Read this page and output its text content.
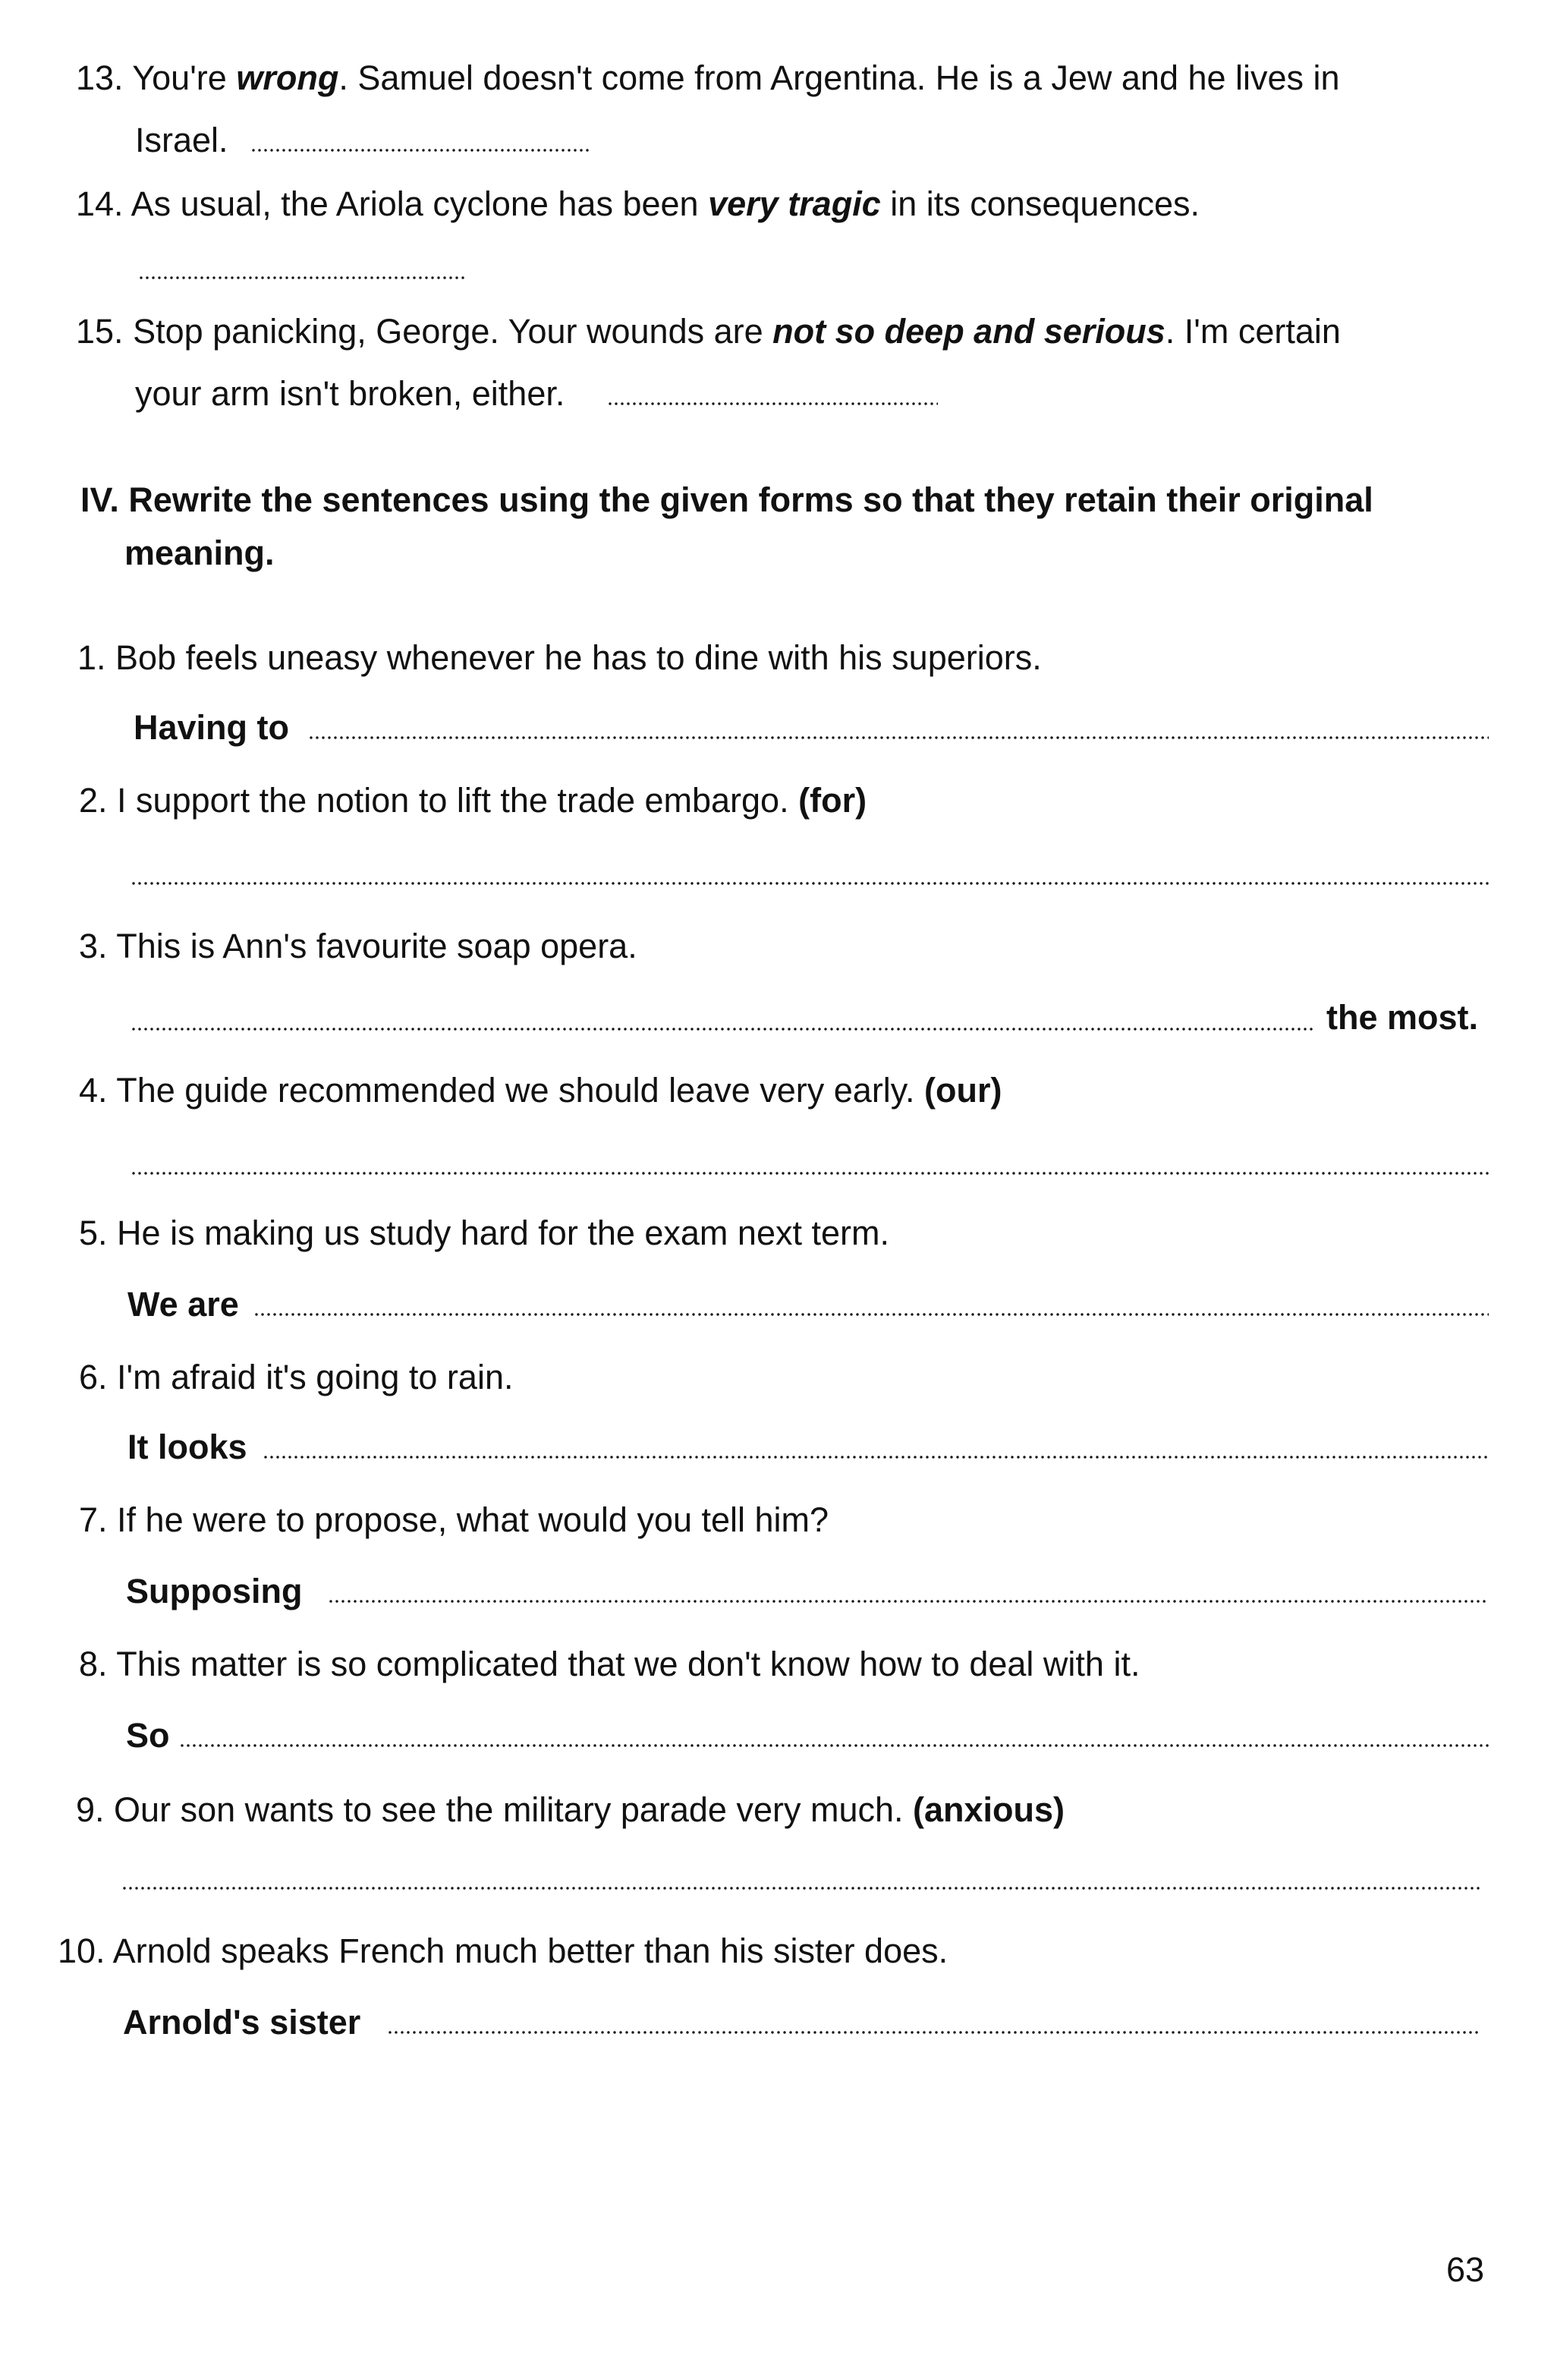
13. You're wrong. Samuel doesn't come from Argentina. He is a Jew and he lives in
Israel.
14. As usual, the Ariola cyclone has been very tragic in its consequences.
15. Stop panicking, George. Your wounds are not so deep and serious. I'm certain
your arm isn't broken, either.
IV. Rewrite the sentences using the given forms so that they retain their original
meaning.
1. Bob feels uneasy whenever he has to dine with his superiors.
Having to
2. I support the notion to lift the trade embargo. (for)
3. This is Ann's favourite soap opera.
the most.
4. The guide recommended we should leave very early. (our)
5. He is making us study hard for the exam next term.
We are
6. I'm afraid it's going to rain.
It looks
7. If he were to propose, what would you tell him?
Supposing
8. This matter is so complicated that we don't know how to deal with it.
So
9. Our son wants to see the military parade very much. (anxious)
10. Arnold speaks French much better than his sister does.
Arnold's sister
63
